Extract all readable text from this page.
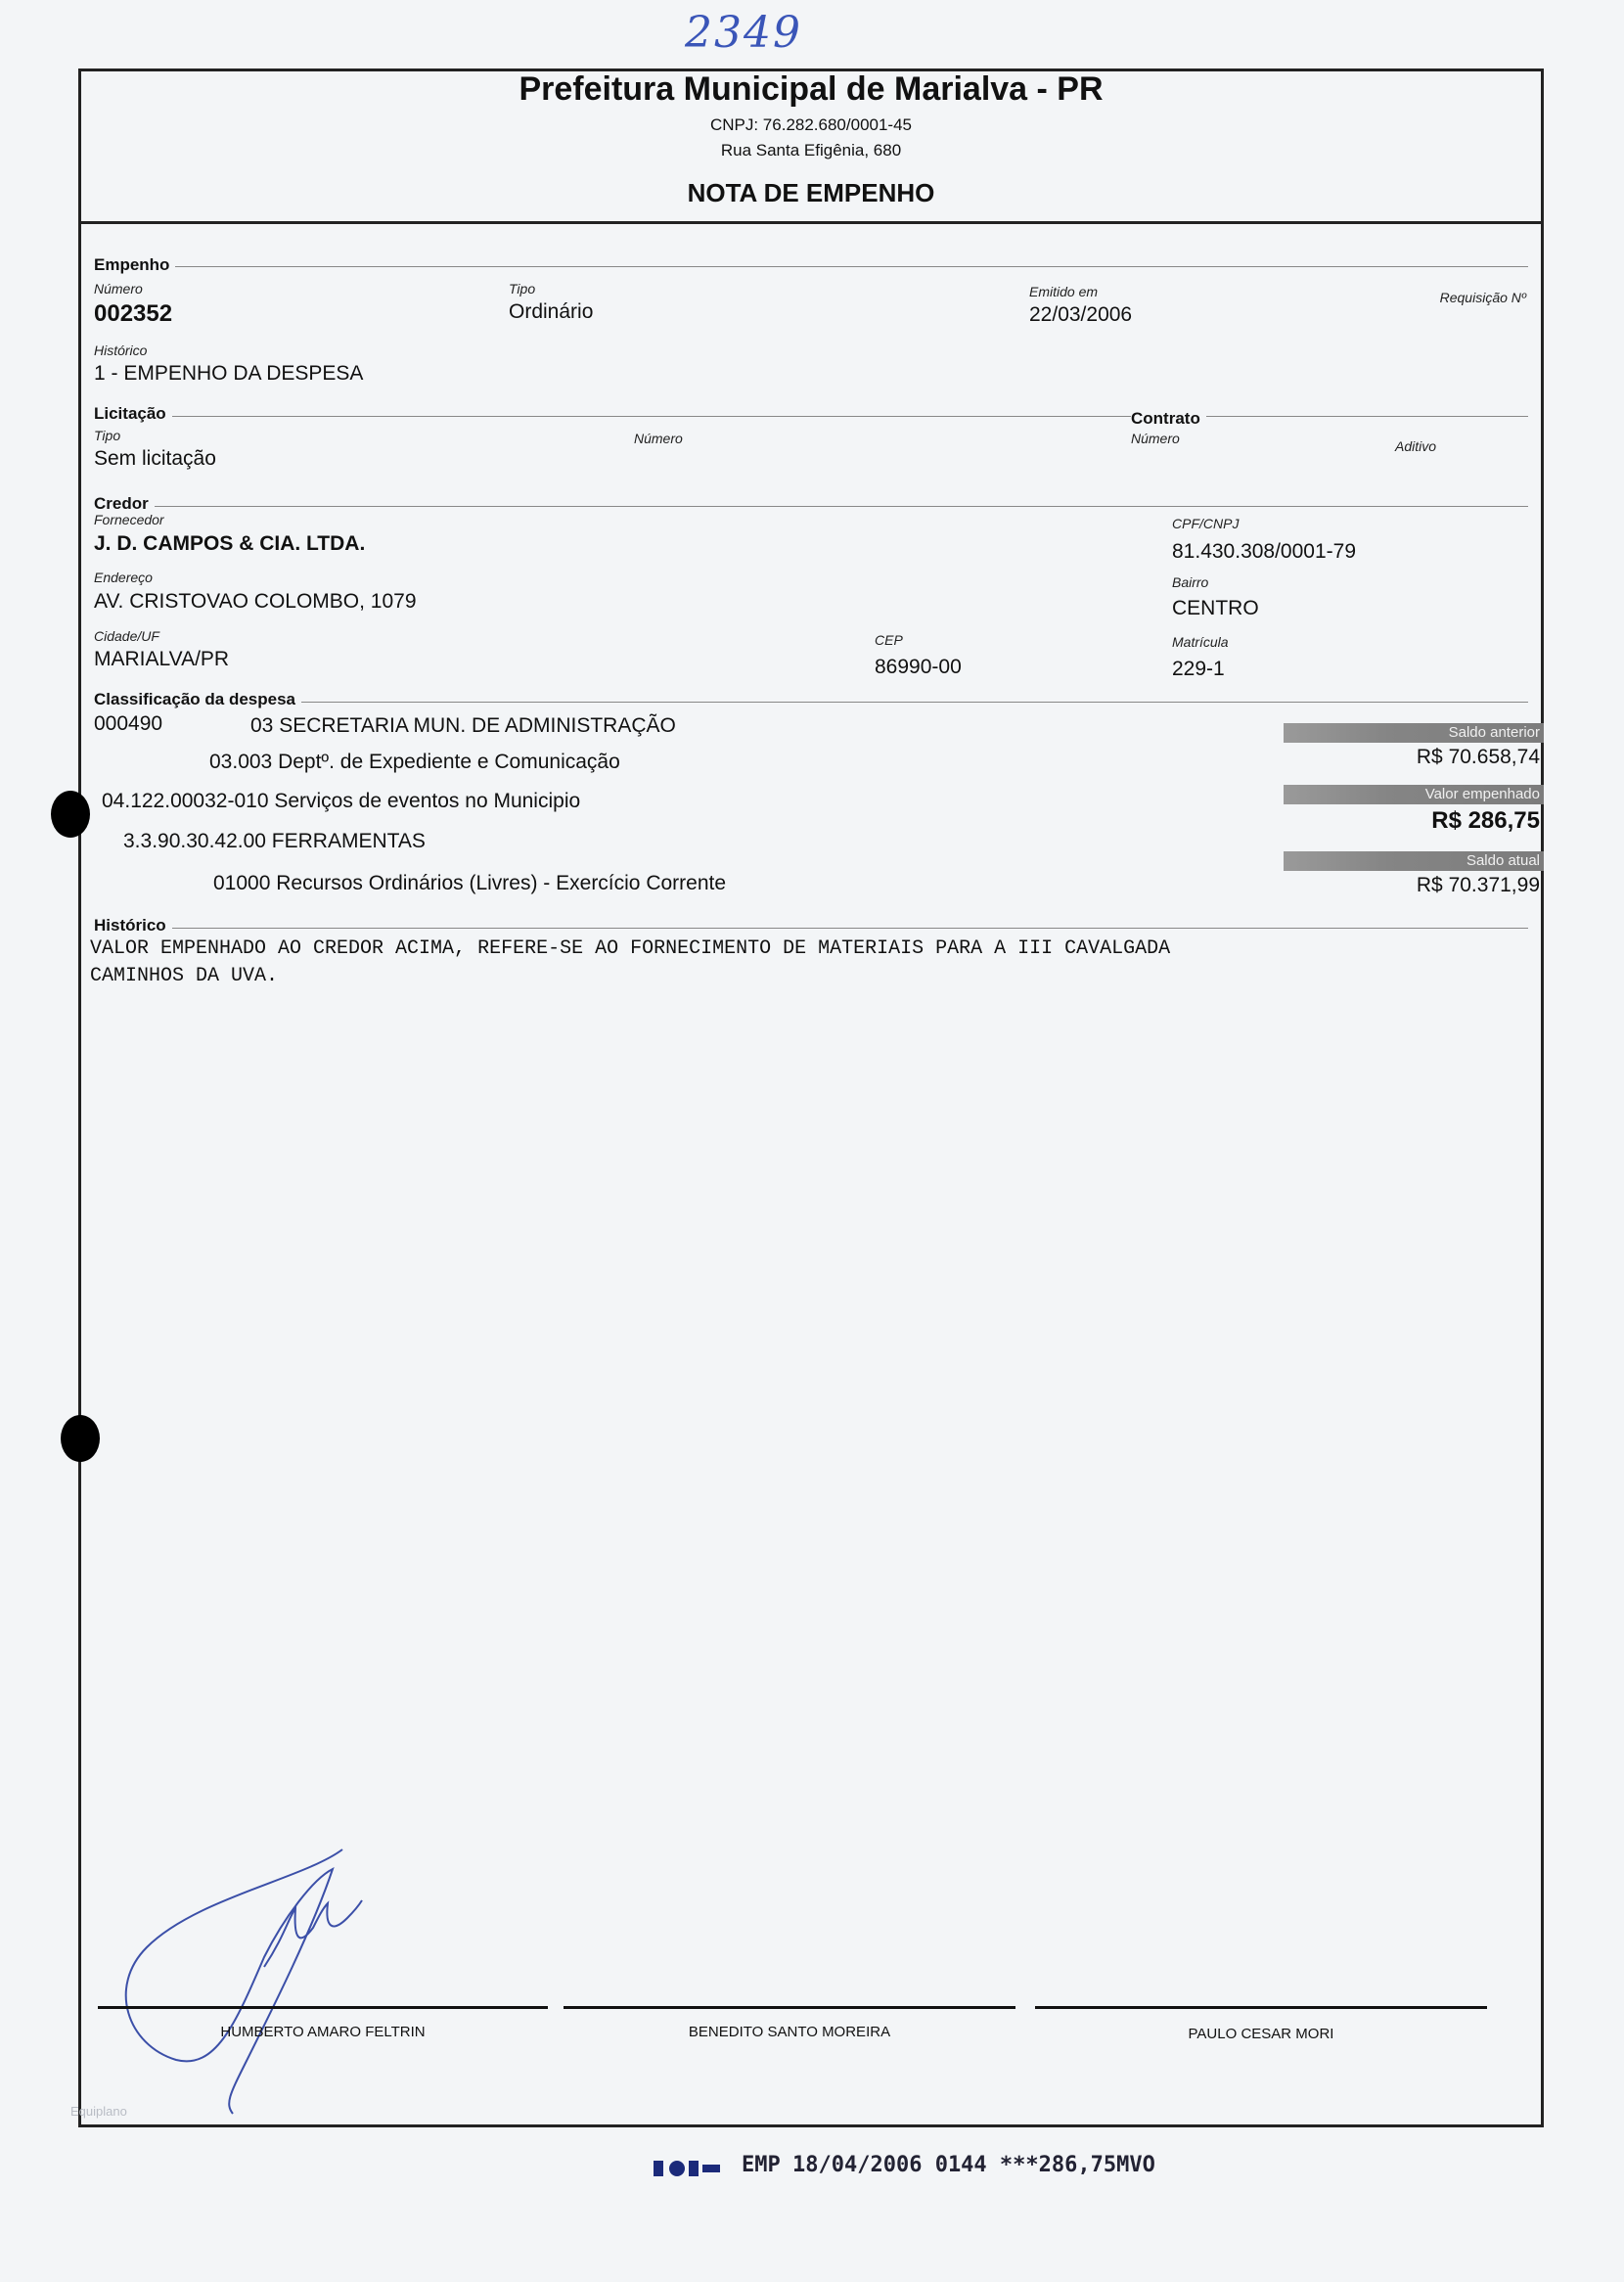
2349
Prefeitura Municipal de Marialva - PR
CNPJ: 76.282.680/0001-45
Rua Santa Efigênia, 680
NOTA DE EMPENHO
Empenho
Número
002352
Tipo
Ordinário
Emitido em
22/03/2006
Requisição Nº
Histórico
1 - EMPENHO DA DESPESA
Licitação	Contrato
Tipo
Sem licitação
Número	Número	Aditivo
Credor
Fornecedor
J. D. CAMPOS & CIA. LTDA.
CPF/CNPJ
81.430.308/0001-79
Endereço
AV. CRISTOVAO COLOMBO, 1079
Bairro
CENTRO
Cidade/UF
MARIALVA/PR
CEP
86990-00
Matrícula
229-1
Classificação da despesa
000490	03 SECRETARIA MUN. DE ADMINISTRAÇÃO
03.003 Deptº. de Expediente e Comunicação
04.122.00032-010 Serviços de eventos no Municipio
3.3.90.30.42.00 FERRAMENTAS
01000 Recursos Ordinários (Livres) - Exercício Corrente
Saldo anterior
R$ 70.658,74
Valor empenhado
R$ 286,75
Saldo atual
R$ 70.371,99
Histórico
VALOR EMPENHADO AO CREDOR ACIMA, REFERE-SE AO FORNECIMENTO DE MATERIAIS PARA A III CAVALGADA
CAMINHOS DA UVA.
HUMBERTO AMARO FELTRIN	BENEDITO SANTO MOREIRA	PAULO CESAR MORI
Equiplano
EMP 18/04/2006 0144 ***286,75MVO
